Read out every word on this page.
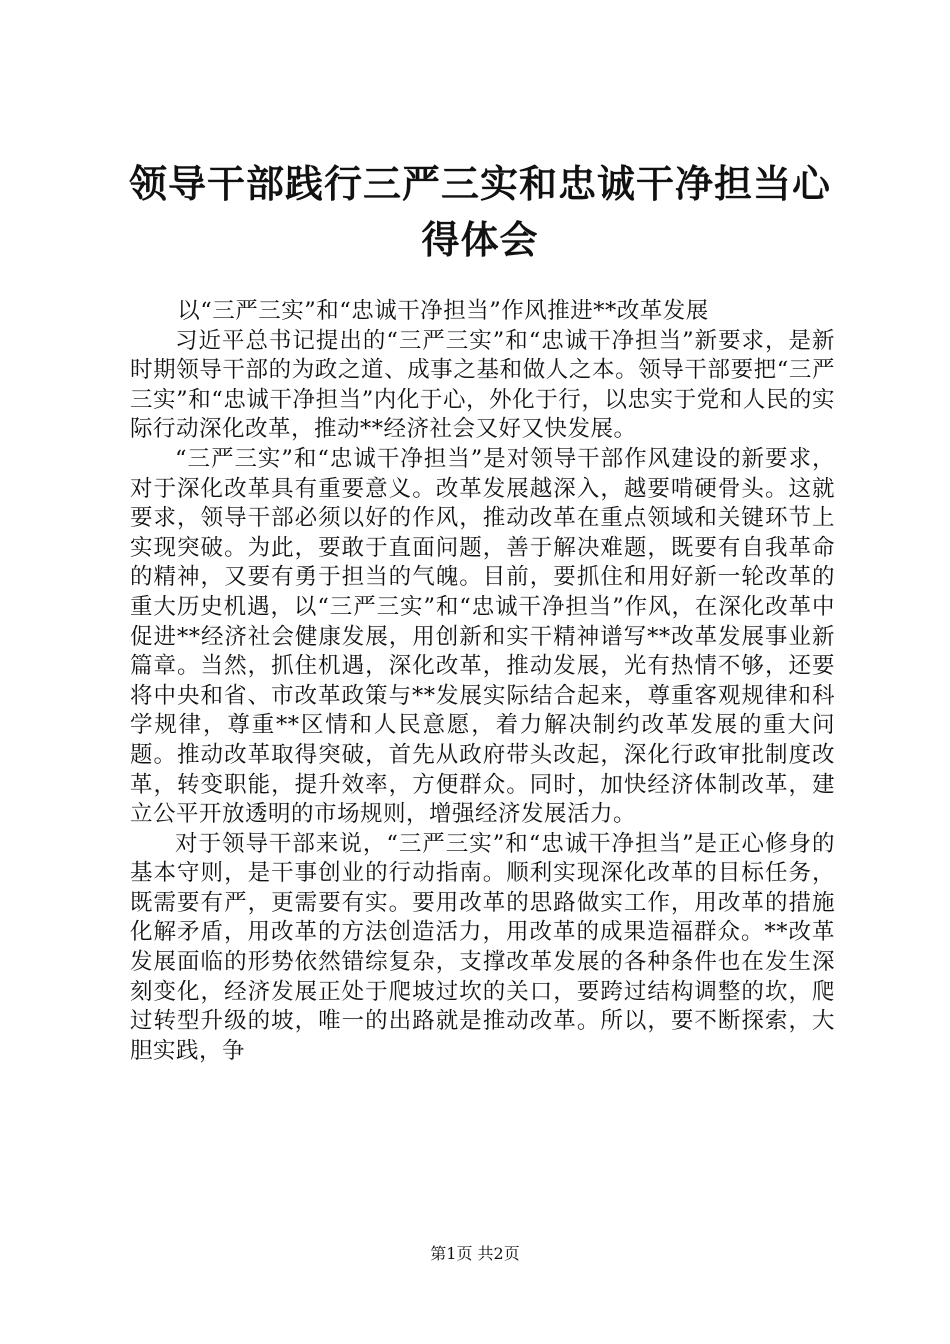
领导干部践行三严三实和忠诚干净担当心得体会

以“三严三实”和“忠诚干净担当”作风推进**改革发展

习近平总书记提出的“三严三实”和“忠诚干净担当”新要求，是新时期领导干部的为政之道、成事之基和做人之本。领导干部要把“三严三实”和“忠诚干净担当”内化于心，外化于行，以忠实于党和人民的实际行动深化改革，推动**经济社会又好又快发展。

“三严三实”和“忠诚干净担当”是对领导干部作风建设的新要求，对于深化改革具有重要意义。改革发展越深入，越要啃硬骨头。这就要求，领导干部必须以好的作风，推动改革在重点领域和关键环节上实现突破。为此，要敢于直面问题，善于解决难题，既要有自我革命的精神，又要有勇于担当的气魄。目前，要抓住和用好新一轮改革的重大历史机遇，以“三严三实”和“忠诚干净担当”作风，在深化改革中促进**经济社会健康发展，用创新和实干精神谱写**改革发展事业新篇章。当然，抓住机遇，深化改革，推动发展，光有热情不够，还要将中央和省、市改革政策与**发展实际结合起来，尊重客观规律和科学规律，尊重**区情和人民意愿，着力解决制约改革发展的重大问题。推动改革取得突破，首先从政府带头改起，深化行政审批制度改革，转变职能，提升效率，方便群众。同时，加快经济体制改革，建立公平开放透明的市场规则，增强经济发展活力。

对于领导干部来说，“三严三实”和“忠诚干净担当”是正心修身的基本守则，是干事创业的行动指南。顺利实现深化改革的目标任务，既需要有严，更需要有实。要用改革的思路做实工作，用改革的措施化解矛盾，用改革的方法创造活力，用改革的成果造福群众。**改革发展面临的形势依然错综复杂，支撑改革发展的各种条件也在发生深刻变化，经济发展正处于爬坡过坎的关口，要跨过结构调整的坎，爬过转型升级的坡，唯一的出路就是推动改革。所以，要不断探索，大胆实践，争

第1页 共2页
